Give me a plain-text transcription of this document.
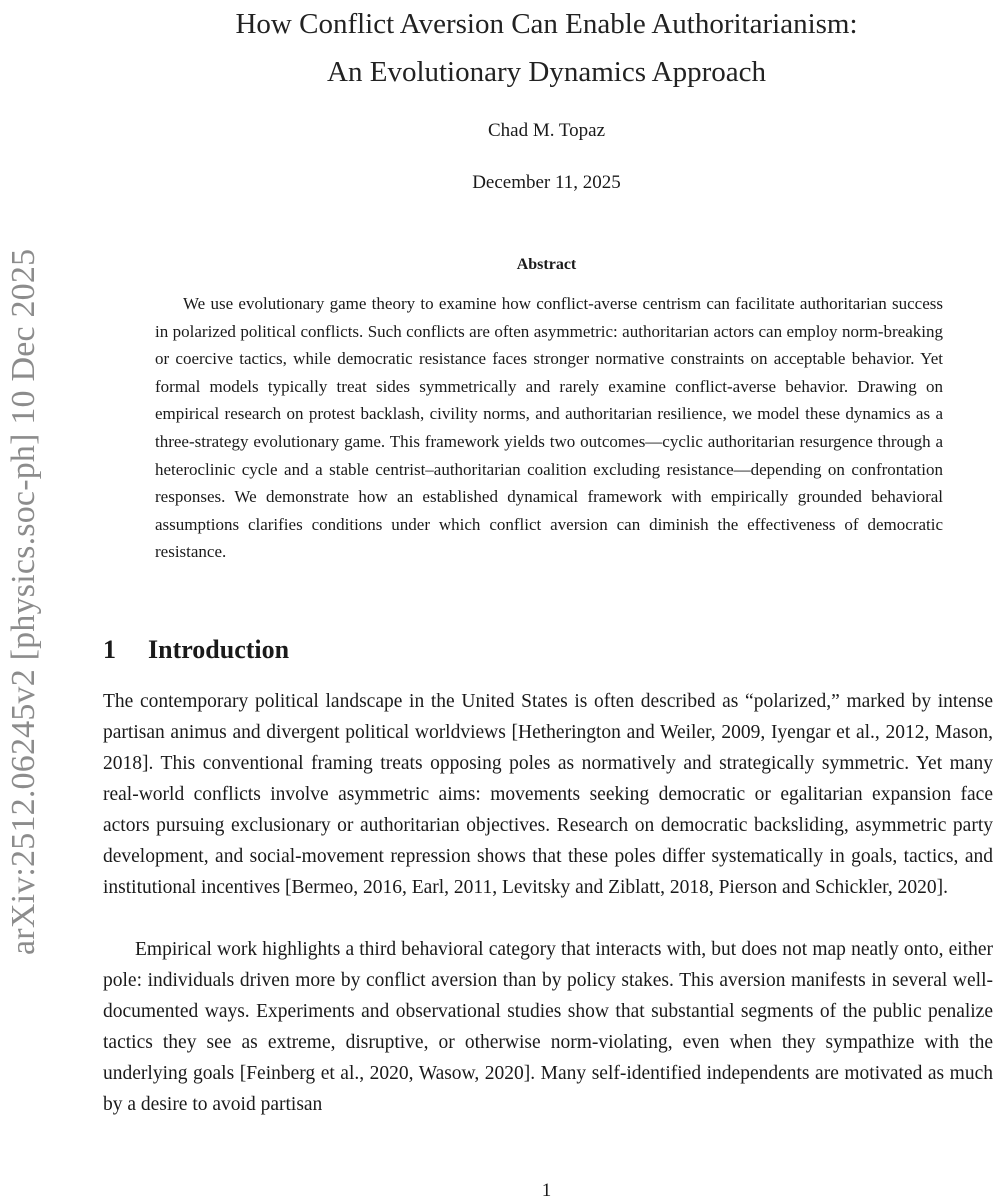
arXiv:2512.06245v2 [physics.soc-ph] 10 Dec 2025
How Conflict Aversion Can Enable Authoritarianism:
An Evolutionary Dynamics Approach
Chad M. Topaz
December 11, 2025
Abstract
We use evolutionary game theory to examine how conflict-averse centrism can facilitate authoritarian success in polarized political conflicts. Such conflicts are often asymmetric: authoritarian actors can employ norm-breaking or coercive tactics, while democratic resistance faces stronger normative constraints on acceptable behavior. Yet formal models typically treat sides symmetrically and rarely examine conflict-averse behavior. Drawing on empirical research on protest backlash, civility norms, and authoritarian resilience, we model these dynamics as a three-strategy evolutionary game. This framework yields two outcomes—cyclic authoritarian resurgence through a heteroclinic cycle and a stable centrist–authoritarian coalition excluding resistance—depending on confrontation responses. We demonstrate how an established dynamical framework with empirically grounded behavioral assumptions clarifies conditions under which conflict aversion can diminish the effectiveness of democratic resistance.
1 Introduction
The contemporary political landscape in the United States is often described as “polarized,” marked by intense partisan animus and divergent political worldviews [Hetherington and Weiler, 2009, Iyengar et al., 2012, Mason, 2018]. This conventional framing treats opposing poles as normatively and strategically symmetric. Yet many real-world conflicts involve asymmetric aims: movements seeking democratic or egalitarian expansion face actors pursuing exclusionary or authoritarian objectives. Research on democratic backsliding, asymmetric party development, and social-movement repression shows that these poles differ systematically in goals, tactics, and institutional incentives [Bermeo, 2016, Earl, 2011, Levitsky and Ziblatt, 2018, Pierson and Schickler, 2020].
Empirical work highlights a third behavioral category that interacts with, but does not map neatly onto, either pole: individuals driven more by conflict aversion than by policy stakes. This aversion manifests in several well-documented ways. Experiments and observational studies show that substantial segments of the public penalize tactics they see as extreme, disruptive, or otherwise norm-violating, even when they sympathize with the underlying goals [Feinberg et al., 2020, Wasow, 2020]. Many self-identified independents are motivated as much by a desire to avoid partisan
1
